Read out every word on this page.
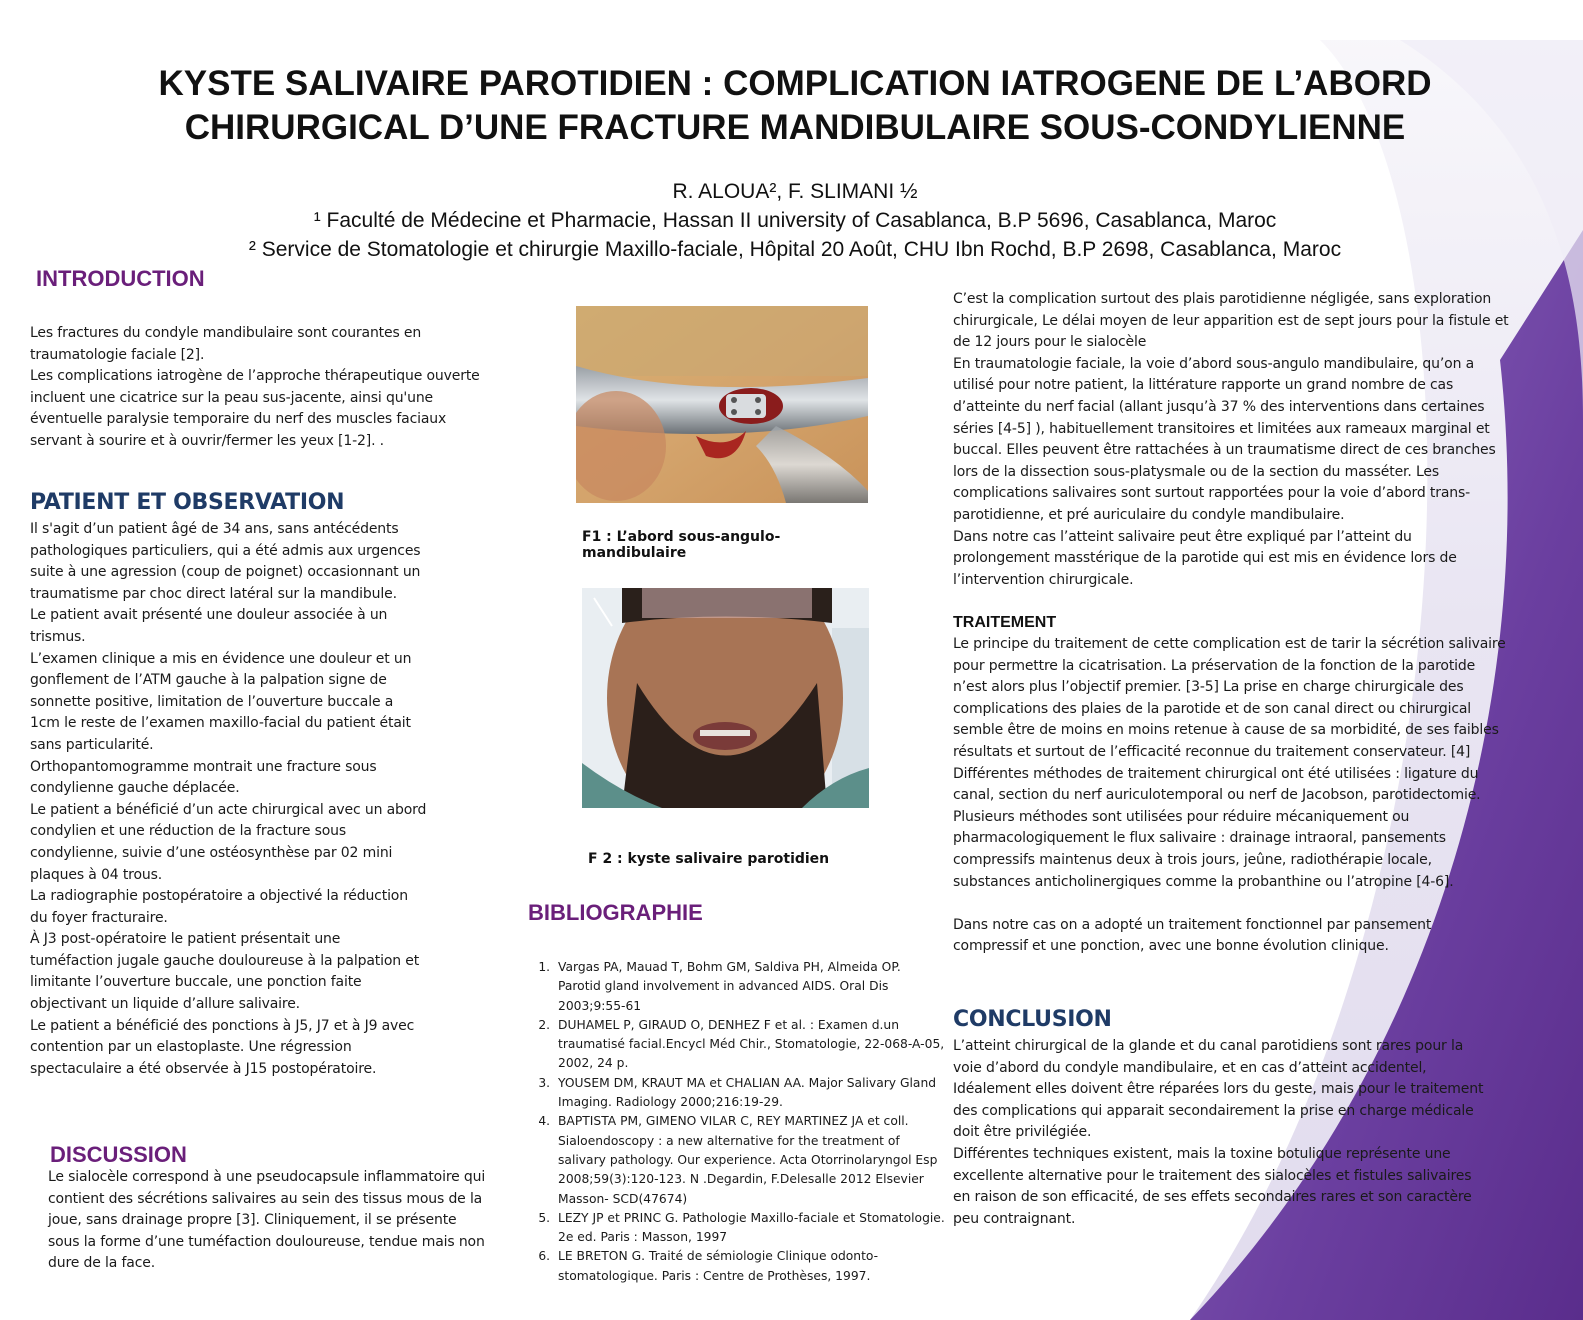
KYSTE SALIVAIRE PAROTIDIEN : COMPLICATION IATROGENE DE L’ABORD
CHIRURGICAL D’UNE FRACTURE MANDIBULAIRE SOUS-CONDYLIENNE
R. ALOUA², F. SLIMANI ½
¹ Faculté de Médecine et Pharmacie, Hassan II university of Casablanca, B.P 5696, Casablanca, Maroc
² Service de Stomatologie et chirurgie Maxillo-faciale, Hôpital 20 Août, CHU Ibn Rochd, B.P 2698, Casablanca, Maroc
INTRODUCTION
Les fractures du condyle mandibulaire sont courantes en
traumatologie faciale [2].
Les complications iatrogène de l’approche thérapeutique ouverte
incluent une cicatrice sur la peau sus-jacente, ainsi qu'une
éventuelle paralysie temporaire du nerf des muscles faciaux
servant à sourire et à ouvrir/fermer les yeux [1-2]. .
PATIENT ET OBSERVATION
Il s'agit d’un patient âgé de 34 ans, sans antécédents
pathologiques particuliers, qui a été admis aux urgences
suite à une agression (coup de poignet) occasionnant un
traumatisme par choc direct latéral sur la mandibule.
Le patient avait présenté une douleur associée à un
trismus.
L’examen clinique a mis en évidence une douleur et un
gonflement de l’ATM gauche à la palpation signe de
sonnette positive, limitation de l’ouverture buccale a
1cm le reste de l’examen maxillo-facial du patient était
sans particularité.
Orthopantomogramme montrait une fracture sous
condylienne gauche déplacée.
Le patient a bénéficié d’un acte chirurgical avec un abord
condylien et une réduction de la fracture sous
condylienne, suivie d’une ostéosynthèse par 02 mini
plaques à 04 trous.
La radiographie postopératoire a objectivé la réduction
du foyer fracturaire.
À J3 post-opératoire le patient présentait une
tuméfaction jugale gauche douloureuse à la palpation et
limitante l’ouverture buccale, une ponction faite
objectivant un liquide d’allure salivaire.
Le patient a bénéficié des ponctions à J5, J7 et à J9 avec
contention par un elastoplaste. Une régression
spectaculaire a été observée à J15 postopératoire.
DISCUSSION
Le sialocèle correspond à une pseudocapsule inflammatoire qui
contient des sécrétions salivaires au sein des tissus mous de la
joue, sans drainage propre [3]. Cliniquement, il se présente
sous la forme d’une tuméfaction douloureuse, tendue mais non
dure de la face.
F1 : L’abord sous-angulo-mandibulaire
F 2 : kyste salivaire parotidien
BIBLIOGRAPHIE
1. Vargas PA, Mauad T, Bohm GM, Saldiva PH, Almeida OP.
Parotid gland involvement in advanced AIDS. Oral Dis
2003;9:55-61
2. DUHAMEL P, GIRAUD O, DENHEZ F et al. : Examen d.un
traumatisé facial.Encycl Méd Chir., Stomatologie, 22-068-A-05,
2002, 24 p.
3. YOUSEM DM, KRAUT MA et CHALIAN AA. Major Salivary Gland
Imaging. Radiology 2000;216:19-29.
4. BAPTISTA PM, GIMENO VILAR C, REY MARTINEZ JA et coll.
Sialoendoscopy : a new alternative for the treatment of
salivary pathology. Our experience. Acta Otorrinolaryngol Esp
2008;59(3):120-123. N .Degardin, F.Delesalle 2012 Elsevier
Masson- SCD(47674)
5. LEZY JP et PRINC G. Pathologie Maxillo-faciale et Stomatologie.
2e ed. Paris : Masson, 1997
6. LE BRETON G. Traité de sémiologie Clinique odonto-
stomatologique. Paris : Centre de Prothèses, 1997.
C’est la complication surtout des plais parotidienne négligée, sans exploration
chirurgicale, Le délai moyen de leur apparition est de sept jours pour la fistule et
de 12 jours pour le sialocèle
En traumatologie faciale, la voie d’abord sous-angulo mandibulaire, qu’on a
utilisé pour notre patient, la littérature rapporte un grand nombre de cas
d’atteinte du nerf facial (allant jusqu’à 37 % des interventions dans certaines
séries [4-5] ), habituellement transitoires et limitées aux rameaux marginal et
buccal. Elles peuvent être rattachées à un traumatisme direct de ces branches
lors de la dissection sous-platysmale ou de la section du masséter. Les
complications salivaires sont surtout rapportées pour la voie d’abord trans-
parotidienne, et pré auriculaire du condyle mandibulaire.
Dans notre cas l’atteint salivaire peut être expliqué par l’atteint du
prolongement masstérique de la parotide qui est mis en évidence lors de
l’intervention chirurgicale.
TRAITEMENT
Le principe du traitement de cette complication est de tarir la sécrétion salivaire
pour permettre la cicatrisation. La préservation de la fonction de la parotide
n’est alors plus l’objectif premier. [3-5] La prise en charge chirurgicale des
complications des plaies de la parotide et de son canal direct ou chirurgical
semble être de moins en moins retenue à cause de sa morbidité, de ses faibles
résultats et surtout de l’efficacité reconnue du traitement conservateur. [4]
Différentes méthodes de traitement chirurgical ont été utilisées : ligature du
canal, section du nerf auriculotemporal ou nerf de Jacobson, parotidectomie.
Plusieurs méthodes sont utilisées pour réduire mécaniquement ou
pharmacologiquement le flux salivaire : drainage intraoral, pansements
compressifs maintenus deux à trois jours, jeûne, radiothérapie locale,
substances anticholinergiques comme la probanthine ou l’atropine [4-6].

Dans notre cas on a adopté un traitement fonctionnel par pansement
compressif et une ponction, avec une bonne évolution clinique.
CONCLUSION
L’atteint chirurgical de la glande et du canal parotidiens sont rares pour la
voie d’abord du condyle mandibulaire, et en cas d’atteint accidentel,
Idéalement elles doivent être réparées lors du geste, mais pour le traitement
des complications qui apparait secondairement la prise en charge médicale
doit être privilégiée.
Différentes techniques existent, mais la toxine botulique représente une
excellente alternative pour le traitement des sialocèles et fistules salivaires
en raison de son efficacité, de ses effets secondaires rares et son caractère
peu contraignant.
